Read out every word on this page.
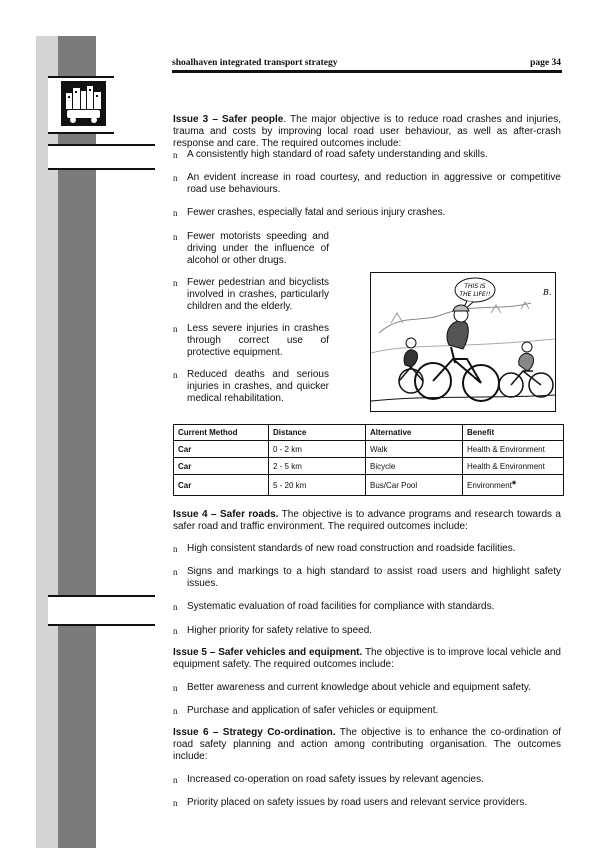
shoalhaven integrated transport strategy	page 34
Issue 3 – Safer people. The major objective is to reduce road crashes and injuries, trauma and costs by improving local road user behaviour, as well as after-crash response and care. The required outcomes include:
n A consistently high standard of road safety understanding and skills.
n An evident increase in road courtesy, and reduction in aggressive or competitive road use behaviours.
n Fewer crashes, especially fatal and serious injury crashes.
n Fewer motorists speeding and driving under the influence of alcohol or other drugs.
n Fewer pedestrian and bicyclists involved in crashes, particularly children and the elderly.
n Less severe injuries in crashes through correct use of protective equipment.
n Reduced deaths and serious injuries in crashes, and quicker medical rehabilitation.
THIS IS
THE LIFE!!	B.
Current Method	Distance	Alternative	Benefit
Car	0 - 2 km	Walk	Health & Environment
Car	2 - 5 km	Bicycle	Health & Environment
Car	5 - 20 km	Bus/Car Pool	Environment*
Issue 4 – Safer roads. The objective is to advance programs and research towards a safer road and traffic environment. The required outcomes include:
n High consistent standards of new road construction and roadside facilities.
n Signs and markings to a high standard to assist road users and highlight safety issues.
n Systematic evaluation of road facilities for compliance with standards.
n Higher priority for safety relative to speed.
Issue 5 – Safer vehicles and equipment. The objective is to improve local vehicle and equipment safety. The required outcomes include:
n Better awareness and current knowledge about vehicle and equipment safety.
n Purchase and application of safer vehicles or equipment.
Issue 6 – Strategy Co-ordination. The objective is to enhance the co-ordination of road safety planning and action among contributing organisation. The outcomes include:
n Increased co-operation on road safety issues by relevant agencies.
n Priority placed on safety issues by road users and relevant service providers.
